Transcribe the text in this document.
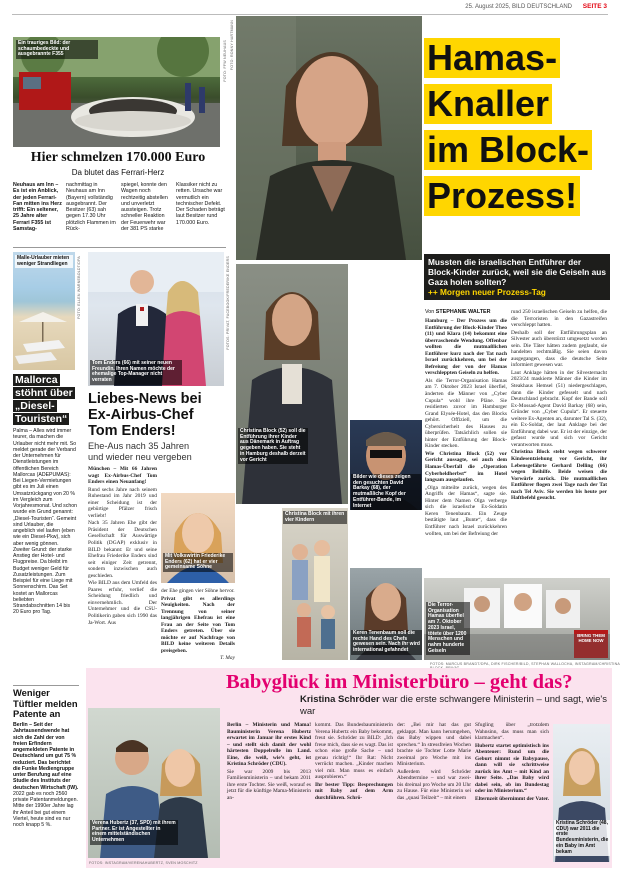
25. August 2025, BILD DEUTSCHLAND SEITE 3
Ein trauriges Bild: der schaumbedeckte und ausgebrannte F355	FOTO: FFW NEUHAUS
Hier schmelzen 170.000 Euro
Da blutet das Ferrari-Herz
Neuhaus am Inn – Es ist ein Anblick, der jeden Ferrari-Fan mitten ins Herz trifft: Ein seltener, 25 Jahre alter Ferrari F355 ist Samstag-
nachmittag in Neuhaus am Inn (Bayern) vollständig ausgebrannt. Der Besitzer (63) sah gegen 17.30 Uhr plötzlich Flammen im Rück-
spiegel, konnte den Wagen noch rechtzeitig abstellen und unverletzt aussteigen. Trotz schneller Reaktion der Feuerwehr war der 381 PS starke
Klassiker nicht zu retten. Ursache war vermutlich ein technischer Defekt. Der Schaden beträgt laut Besitzer rund 170.000 Euro.
Malle-Urlauber mieten weniger Strandliegen	FOTO: ELLEN WARNEBOLDT/DPA
Mallorca
stöhnt über
„Diesel-
Touristen“
Palma – Alles wird immer teurer, da machen die Urlauber nicht mehr mit. So meldet gerade der Verband der Unternehmen für Dienstleistungen im öffentlichen Bereich Mallorcas (ADEPUMAS): Bei Liegen-Vermietungen gibt es im Juli einen Umsatzrückgang von 20 % im Vergleich zum Vorjahresmonat. Und schon wurde ein Grund genannt: „Diesel-Touristen“. Gemeint sind Urlauber, die angeblich viel laufen (eben wie ein Diesel-Pkw), sich aber wenig gönnen. Zweiter Grund: der starke Anstieg der Hotel- und Flugpreise. Da bleibt im Budget weniger Geld für Zusatzleistungen. Zum Beispiel für eine Liege mit Sonnenschirm. Das Set kostet an Mallorcas beliebten Strandabschnitten 14 bis 20 Euro pro Tag.
Weniger Tüftler melden Patente an
Berlin – Seit der Jahrtausendwende hat sich die Zahl der von freien Erfindern angemeldeten Patente in Deutschland um gut 75 % reduziert. Das berichtet die Funke Mediengruppe unter Berufung auf eine Studie des Instituts der deutschen Wirtschaft (IW). 2022 gab es noch 2560 private Patentanmeldungen. Mitte der 1990er Jahre lag ihr Anteil bei gut einem Viertel, heute sind es nur noch knapp 5 %.
Tom Enders (66) mit seiner neuen Freundin. Ihren Namen möchte der ehemalige Top-Manager nicht verraten
FOTOS: PRIVAT, FACEBOOK/FREDERIKE ENDERS
Liebes-News bei
Ex-Airbus-Chef
Tom Enders!
Ehe-Aus nach 35 Jahren
und wieder neu vergeben

München – Mit 66 Jahren wagt Ex-Airbus-Chef Tom Enders einen Neuanfang!

Rund sechs Jahre nach seinem Ruhestand im Jahr 2019 und einer Scheidung ist der gebürtige Pfälzer frisch verliebt!

Nach 35 Jahren Ehe gibt der Präsident der Deutschen Gesellschaft für Auswärtige Politik (DGAP) exklusiv in BILD bekannt: Er und seine Ehefrau Friederike Enders sind seit einiger Zeit getrennt, sondern inzwischen auch geschieden.

Wie BILD aus dem Umfeld des Paares erfuhr, verlief die Scheidung friedlich und einvernehmlich. Der Unternehmer und die CSU-Politikerin gaben sich 1990 das Ja-Wort. Aus

Mit Volkswirtin Friederike Enders (62) hat er vier gemeinsame Söhne

der Ehe gingen vier Söhne hervor.

Privat gibt es allerdings Neuigkeiten. Nach der Trennung von seiner langjährigen Ehefrau ist eine Frau an der Seite von Tom Enders getreten. Über sie möchte er auf Nachfrage von BILD keine weiteren Details preisgeben.

T. May

FOTO: RONNY HARTMANN	Hamas-
Knaller
im Block-
Prozess!
Mussten die israelischen Entführer der Block-Kinder zurück, weil sie die Geiseln aus Gaza holen sollten?
++ Morgen neuer Prozess-Tag
Von STEPHANIE WALTER

Hamburg – Der Prozess um die Entführung der Block-Kinder Theo (11) und Klara (14) bekommt eine überraschende Wendung. Offenbar wollten die mutmaßlichen Entführer kurz nach der Tat nach Israel zurückkehren, um bei der Befreiung der von der Hamas verschleppten Geiseln zu helfen.

Als die Terror-Organisation Hamas am 7. Oktober 2023 Israel überfiel, änderten die Männer von „Cyber Cupula“ wohl ihre Pläne. Sie residierten zuvor im Hamburger Grand Elysée-Hotel, das den Blocks gehört. Offiziell, um die Cybersicherheit des Hauses zu überprüfen. Tatsächlich sollen sie hinter der Entführung der Block-Kinder stecken.

Wie Christina Block (52) vor Gericht aussagte, sei auch dem Hamas-Überfall die „Operation Cyberheldherbst“ im Hotel langsam ausgelaufen.

„Olga mitteilte zurück, wegen des Angriffs der Hamas“, sagte sie. Hinter dem Namen Olga verberge sich die israelische Ex-Soldatin Keren Tenenbaum. Ein Zeuge bestätigte laut „Bunte“, dass die Entführer nach Israel zurückkehren wollten, um bei der Befreiung der

rund 250 israelischen Geiseln zu helfen, die die Terroristen in den Gazastreifen verschleppt hatten.

Deshalb soll der Entführungsplan an Silvester auch überstürzt umgesetzt worden sein. Die Täter hätten zudem geglaubt, sie handelten rechtmäßig. Sie seien davon ausgegangen, dass die deutsche Seite informiert gewesen war.

Laut Anklage hätten in der Silvesternacht 2023/24 maskierte Männer die Kinder im Steakhaus Hemsel (51) niedergeschlagen, dann die Kinder gefesselt und nach Deutschland gebracht. Kopf der Bande soll Ex-Mossad-Agent David Barkay (68) sein, Gründer von „Cyber Cupula“. Er steuerte weitere Ex-Agenten an, darunter Tal S. (32), ein Ex-Soldat, der laut Anklage bei der Entführung dabei war. Er ist der einzige, der gefasst wurde und sich vor Gericht verantworten muss.

Christina Block steht wegen schwerer Kindesentziehung vor Gericht, ihr Lebensgefährte Gerhard Delling (66) wegen Beihilfe. Beide weisen die Vorwürfe zurück. Die mutmaßlichen Entführer flogen zwei Tage nach der Tat nach Tel Aviv. Sie werden bis heute per Haftbefehl gesucht.

Christina Block (52) soll die Entführung ihrer Kinder aus Dänemark in Auftrag gegeben haben. Sie steht in Hamburg deshalb derzeit vor Gericht
Bilder wie dieses zeigen den gesuchten David Barkay (68), der mutmaßliche Kopf der Entführer-Bande, im Internet
Christina Block mit ihren vier Kindern
Keren Tenenbaum soll die rechte Hand des Chefs gewesen sein. Nach ihr wird international gefahndet
BRING THEM HOME NOW
Die Terror-Organisation Hamas überfiel am 7. Oktober 2023 Israel, tötete über 1200 Menschen und nahm hunderte Geiseln
FOTOS: MARCUS BRANDT/DPA, DIRK FISCHER/BILD, STEPHAN WALLOCHA, INSTAGRAM/CHRISTINA
Verena Hubertz (37, SPD) mit ihrem Partner. Er ist Angestellter in einem mittelständischen Unternehmen
FOTOS: INSTAGRAM/VERENAHUBERTZ, SVEN MOSCHITZ
Babyglück im Ministerbüro – geht das?
Kristina Schröder war die erste schwangere Ministerin – und sagt, wie's war

Berlin – Ministerin und Mama! Bauministerin Verena Hubertz erwartet im Januar ihr erstes Kind – und stellt sich damit der wohl härtesten Doppelrolle im Land. Eine, die weiß, wie’s geht, ist Kristina Schröder (CDU).

Sie war 2009 bis 2013 Familienministerin – und bekam 2011 ihre erste Tochter. Sie weiß, worauf es jetzt für die künftige Mama-Ministerin an-

kommt. Das Bundesbauministerin Verena Hubertz ein Baby bekommt, freut sie. Schröder zu BILD: „Ich freue mich, dass sie es wagt. Das ist schon eine große Sache – und genau richtig!“ Ihr Rat: Nicht verrückt machen. „Kinder machen viel mit. Man muss es einfach ausprobieren.“

Ihr bester Tipp: Besprechungen mit Baby auf dem Arm durchführen. Schrö-

der: „Bei mir hat das gut geklappt. Man kann herumgehen, das Baby wippen und dabei sprechen.“ In stressfreien Wochen brachte sie Tochter Lotte Marie zweimal pro Woche mit ins Ministerium.

Außerdem wird Schröder Abendtermine – und war zwei- bis dreimal pro Woche um 20 Uhr zu Hause. Für eine Ministerin sei das „quasi Teilzeit“ – mit einem

Sfugling über „trotzdem Wahnsinn, das muss man sich klarmachen“.

Hubertz startet optimistisch ins Abenteuer: Rund um die Geburt nimmt sie Babypause, dann will sie schrittweise zurück ins Amt – mit Kind an ihrer Seite. „Das Baby wird dabei sein, ob im Bundestag oder im Ministerium.“

Elternzeit übernimmt der Vater.

Kristina Schröder (48, CDU) war 2011 die erste Bundesministerin, die ein Baby im Amt bekam
